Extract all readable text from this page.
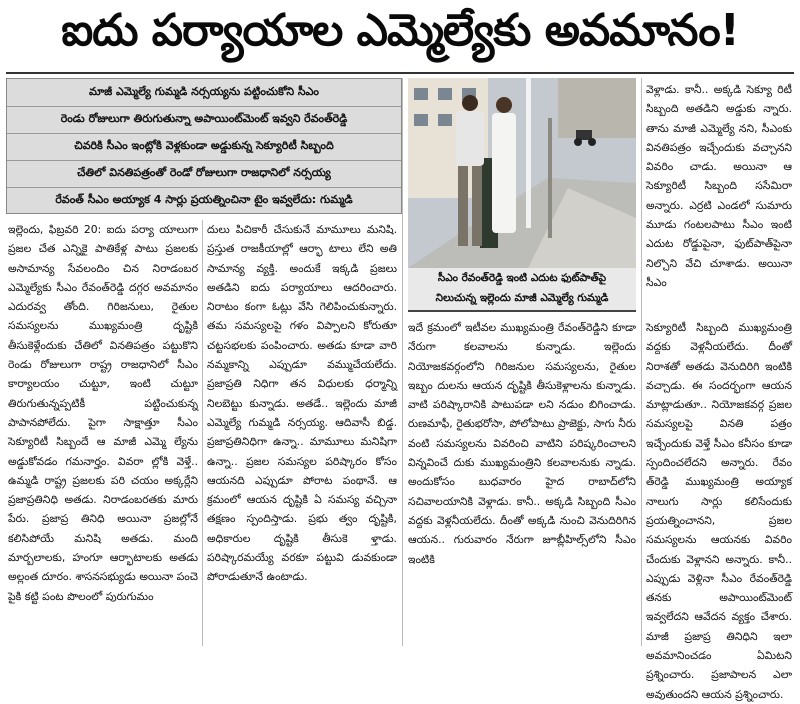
ఐదు పర్యాయాల ఎమ్మెల్యేకు అవమానం!
మాజీ ఎమ్మెల్యే గుమ్మడి నర్సయ్యను పట్టించుకోని సీఎం
రెండు రోజులుగా తిరుగుతున్నా అపాయింట్‌మెంట్ ఇవ్వని రేవంత్‌రెడ్డి
చివరికి సీఎం ఇంట్లోకి వెళ్లకుండా అడ్డుకున్న సెక్యూరిటీ సిబ్బంది
చేతిలో వినతిపత్రంతో రెండో రోజులుగా రాజధానిలో నర్సయ్య
రేవంత్ సీఎం అయ్యాక 4 సార్లు ప్రయత్నించినా టైం ఇవ్వలేదు: గుమ్మడి
సీఎం రేవంత్‌రెడ్డి ఇంటి ఎదుట ఫుట్‌పాత్‌పై
నిలుచున్న ఇల్లెందు మాజీ ఎమ్మెల్యే గుమ్మడి

ఇల్లెందు, ఫిబ్రవరి 20: ఐదు పర్యా యాలుగా ప్రజల చేత ఎన్నికై పాతికేళ్ల పాటు ప్రజలకు అసామాన్య సేవలందిం చిన నిరాడంబర ఎమ్మెల్యేకు సీఎం రేవంత్‌రెడ్డి దగ్గర అవమానం ఎదురవ్వ తోంది. గిరిజనులు, రైతుల సమస్యలను ముఖ్యమంత్రి దృష్టికి తీసుకెళ్లేందుకు చేతిలో వినతిపత్రం పట్టుకొని రెండు రోజులుగా రాష్ట్ర రాజధానిలో సీఎం కార్యాలయం చుట్టూ, ఇంటి చుట్టూ తిరుగుతున్నప్పటికీ పట్టించుకున్న పాపానపోలేదు. పైగా సాక్షాత్తూ సీఎం సెక్యూరిటీ సిబ్బందే ఆ మాజీ ఎమ్మె ల్యేను అడ్డుకోవడం గమనార్హం. వివరా ల్లోకి వెళ్తే.. ఉమ్మడి రాష్ట్ర ప్రజలకు పరి చయం అక్కర్లేని ప్రజాప్రతినిధి అతడు. నిరాడంబరతకు మారు పేరు. ప్రజాప్ర తినిధి అయినా ప్రజల్లోనే కలిసిపోయే మనిషి అతడు. మంది మార్బలాలకు, హంగూ ఆర్భాటాలకు అతడు అల్లంత దూరం. శాసనసభ్యుడు అయినా పంచె పైకి కట్టి పంట పొలంలో పురుగుమం

దులు పిచికారీ చేసుకునే మామూలు మనిషి. ప్రస్తుత రాజకీయాల్లో ఆర్భా టాలు లేని అతి సామాన్య వ్యక్తి. అందుకే ఇక్కడి ప్రజలు అతడిని ఐదు పర్యాయాలు ఆదరించారు. నిరాటం కంగా ఓట్లు వేసి గెలిపించుకున్నారు. తమ సమస్యలపై గళం విప్పాలని కోరుతూ చట్టసభలకు పంపించారు. అతడు కూడా వారి నమ్మకాన్ని ఎప్పుడూ వమ్ముచేయలేదు. ప్రజాప్రతి నిధిగా తన విధులకు ధర్మాన్ని నిలబెట్టు కున్నాడు. అతడే.. ఇల్లెందు మాజీ ఎమ్మెల్యే గుమ్మడి నర్సయ్య. ఆదివాసీ బిడ్డ. ప్రజాప్రతినిధిగా ఉన్నా.. మామూలు మనిషిగా ఉన్నా.. ప్రజల సమస్యల పరిష్కారం కోసం ఆయనది ఎప్పుడూ పోరాట పంథానే. ఆ క్రమంలో ఆయన దృష్టికి ఏ సమస్య వచ్చినా తక్షణం స్పందిస్తాడు. ప్రభు త్వం దృష్టికి, అధికారుల దృష్టికి తీసుకె ళ్తాడు. పరిష్కారమయ్యే వరకూ పట్టువి డువకుండా పోరాడుతూనే ఉంటాడు.

ఇదే క్రమంలో ఇటీవల ముఖ్యమంత్రి రేవంత్‌రెడ్డిని కూడా నేరుగా కలవాలను కున్నాడు. ఇల్లెందు నియోజకవర్గంలోని గిరిజనుల సమస్యలను, రైతుల ఇబ్బం దులను ఆయన దృష్టికి తీసుకెళ్లాలను కున్నాడు. వాటి పరిష్కారానికి పాటుపడా లని నడుం బిగించాడు. రుణమాఫీ, రైతుభరోసా, పోలోపాటు ప్రాజెక్టు, సాగు నీరు వంటి సమస్యలను వివరించి వాటిని పరిష్కరించాలని విన్నవించే దుకు ముఖ్యమంత్రిని కలవాలనుకు న్నాడు. అందుకోసం బుధవారం హైద రాబాద్‌లోని సచివాలయానికి వెళ్లాడు. కానీ.. అక్కడి సిబ్బంది సీఎం వద్దకు వెళ్లనీయలేదు. దీంతో అక్కడి నుంచి వెనుదిరిగిన ఆయన.. గురువారం నేరుగా జూబ్లీహిల్స్‌లోని సీఎం ఇంటికి

వెళ్లాడు. కానీ.. అక్కడి సెక్యూ రిటీ సిబ్బంది అతడిని అడ్డుకు న్నారు. తాను మాజీ ఎమ్మెల్యే నని, సీఎంకు వినతిపత్రం ఇచ్చేందుకు వచ్చానని వివరిం చాడు. అయినా ఆ సెక్యూరిటీ సిబ్బంది ససేమిరా అన్నారు. ఎర్రటి ఎండలో సుమారు మూడు గంటలపాటు సీఎం ఇంటి ఎదుట రోడ్డుపైనా, ఫుట్‌పాత్‌పైనా నిల్చొని వేచి చూశాడు. అయినా సీఎం

సెక్యూరిటీ సిబ్బంది ముఖ్యమంత్రి వద్దకు వెళ్లనీయలేదు. దీంతో నిరాశతో అతడు వెనుదిరిగి ఇంటికి వచ్చాడు. ఈ సందర్భంగా ఆయన మాట్లాడుతూ.. నియోజకవర్గ ప్రజల సమస్యలపై వినతి పత్రం ఇచ్చేందుకు వెళ్తే సీఎం కనీసం కూడా స్పందించలేదని అన్నారు. రేవం త్‌రెడ్డి ముఖ్యమంత్రి అయ్యాక నాలుగు సార్లు కలిసేందుకు ప్రయత్నించానని, ప్రజల సమస్యలను ఆయనకు వివరిం చేందుకు వెళ్లానని అన్నారు. కానీ.. ఎప్పుడు వెళ్లినా సీఎం రేవంత్‌రెడ్డి తనకు అపాయింట్‌మెంట్ ఇవ్వలేదని ఆవేదన వ్యక్తం చేశారు. మాజీ ప్రజాప్ర తినిధిని ఇలా అవమానించడం ఏమిటని ప్రశ్నించారు. ప్రజాపాలన ఎలా అవుతుందని ఆయన ప్రశ్నించారు.
